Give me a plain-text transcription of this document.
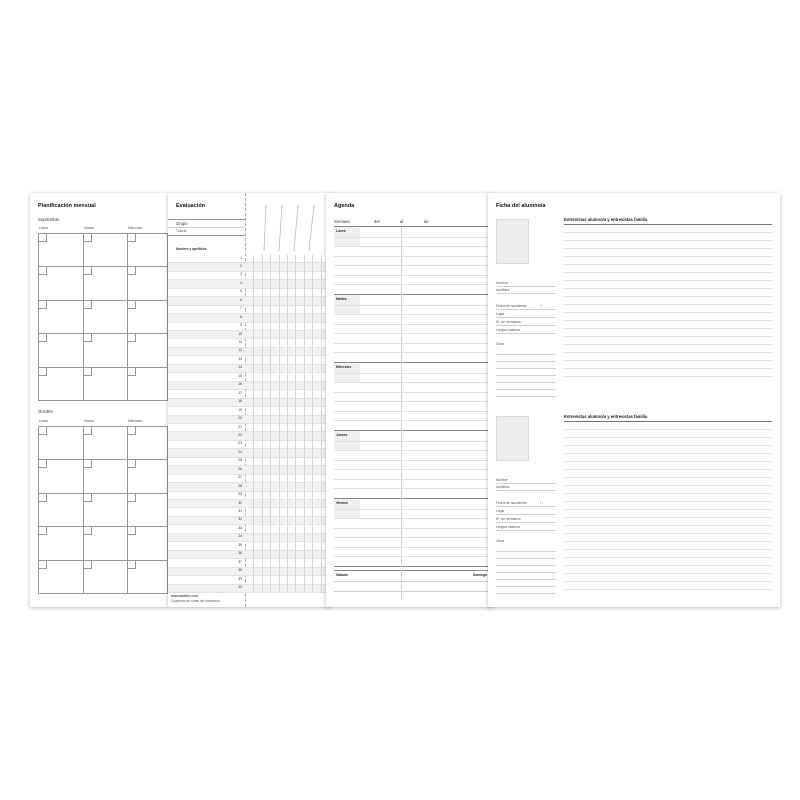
Planificación mensual
Septiembre
Lunes	Martes	Miércoles
Octubre
Lunes	Martes	Miércoles
Evaluación
Grupo
Tutoría
Nombre y apellidos
1
2
3
4
5
6
7
8
9
10
11
12
13
14
15
16
17
18
19
20
21
22
23
24
25
26
27
28
29
30
31
32
33
34
35
36
37
38
39
40
www.additio.com
Cuaderno de notas del alumnado
Agenda
Semana	del	al	de
Lunes
Martes
Miércoles
Jueves
Viernes
Sábado	Domingo
Ficha del alumno/a
Entrevistas alumno/a y entrevistas familia
Nombre
Apellidos
Fecha de nacimiento	/ /
Lugar
Nº. de hermanos
Lengua materna
Otros
Entrevistas alumno/a y entrevistas familia
Nombre
Apellidos
Fecha de nacimiento	/ /
Lugar
Nº. de hermanos
Lengua materna
Otros
